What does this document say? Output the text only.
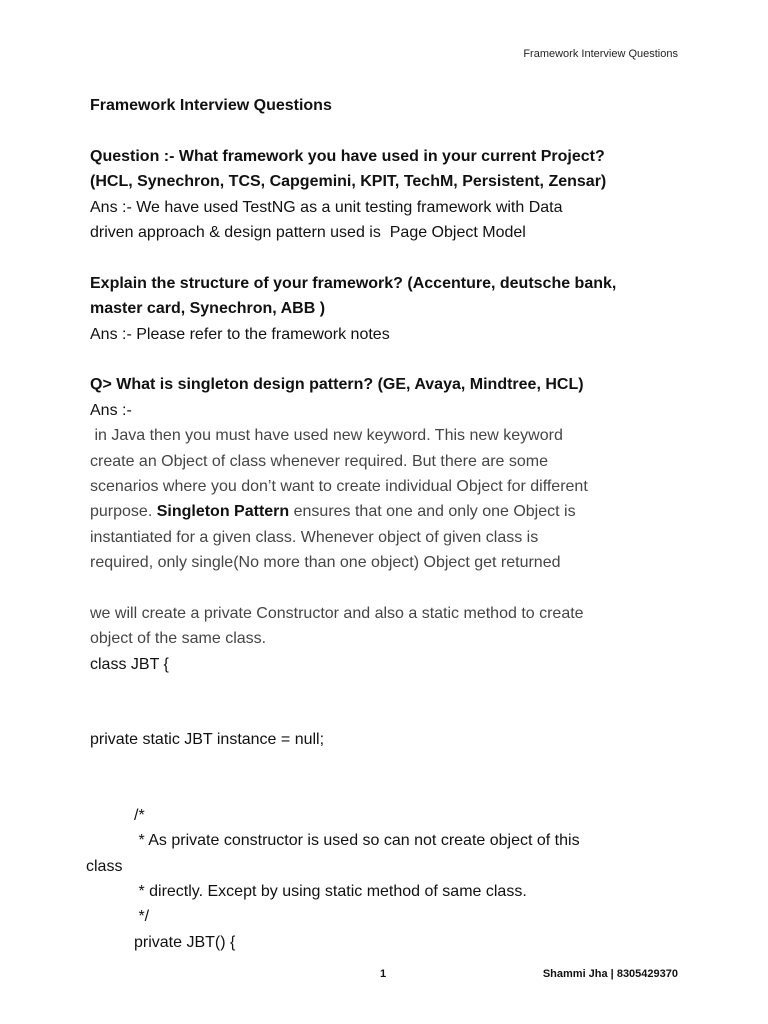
Framework Interview Questions
Framework Interview Questions
Question :- What framework you have used in your current Project?
(HCL, Synechron, TCS, Capgemini, KPIT, TechM, Persistent, Zensar)
Ans :- We have used TestNG as a unit testing framework with Data
driven approach & design pattern used is  Page Object Model
Explain the structure of your framework? (Accenture, deutsche bank,
master card, Synechron, ABB )
Ans :- Please refer to the framework notes
Q> What is singleton design pattern? (GE, Avaya, Mindtree, HCL)
Ans :-
in Java then you must have used new keyword. This new keyword
create an Object of class whenever required. But there are some
scenarios where you don’t want to create individual Object for different
purpose. Singleton Pattern ensures that one and only one Object is
instantiated for a given class. Whenever object of given class is
required, only single(No more than one object) Object get returned
we will create a private Constructor and also a static method to create
object of the same class.
class JBT {
private static JBT instance = null;
/*
* As private constructor is used so can not create object of this
class
* directly. Except by using static method of same class.
*/
private JBT() {
1	Shammi Jha | 8305429370
